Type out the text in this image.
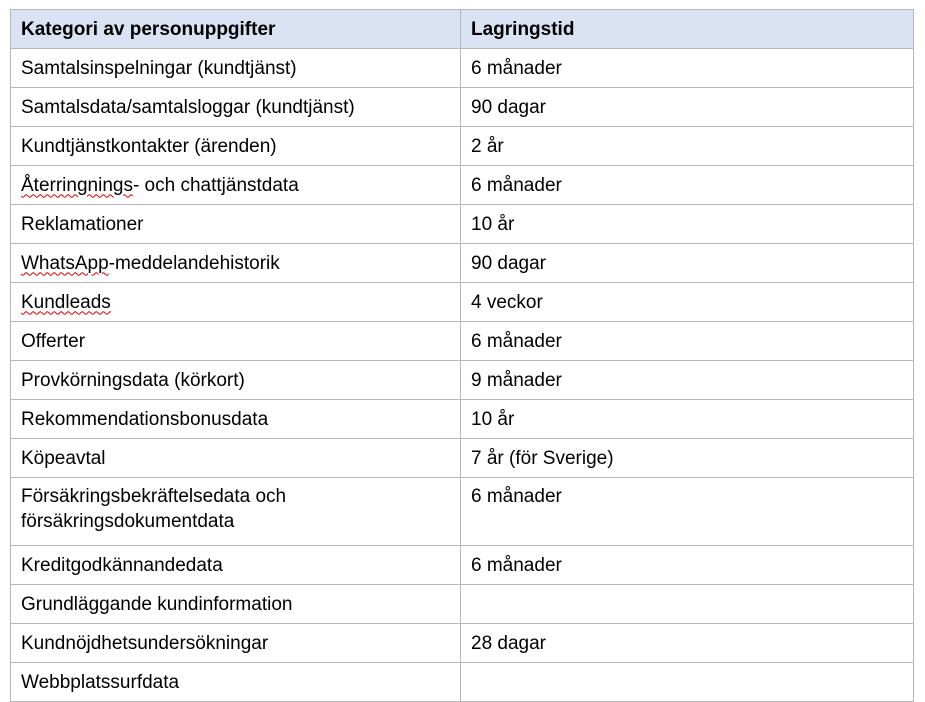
Kategori av personuppgifter	Lagringstid
Samtalsinspelningar (kundtjänst)	6 månader
Samtalsdata/samtalsloggar (kundtjänst)	90 dagar
Kundtjänstkontakter (ärenden)	2 år
Återringnings- och chattjänstdata	6 månader
Reklamationer	10 år
WhatsApp-meddelandehistorik	90 dagar
Kundleads	4 veckor
Offerter	6 månader
Provkörningsdata (körkort)	9 månader
Rekommendationsbonusdata	10 år
Köpeavtal	7 år (för Sverige)
Försäkringsbekräftelsedata och
försäkringsdokumentdata	6 månader
Kreditgodkännandedata	6 månader
Grundläggande kundinformation	
Kundnöjdhetsundersökningar	28 dagar
Webbplatssurfdata	
